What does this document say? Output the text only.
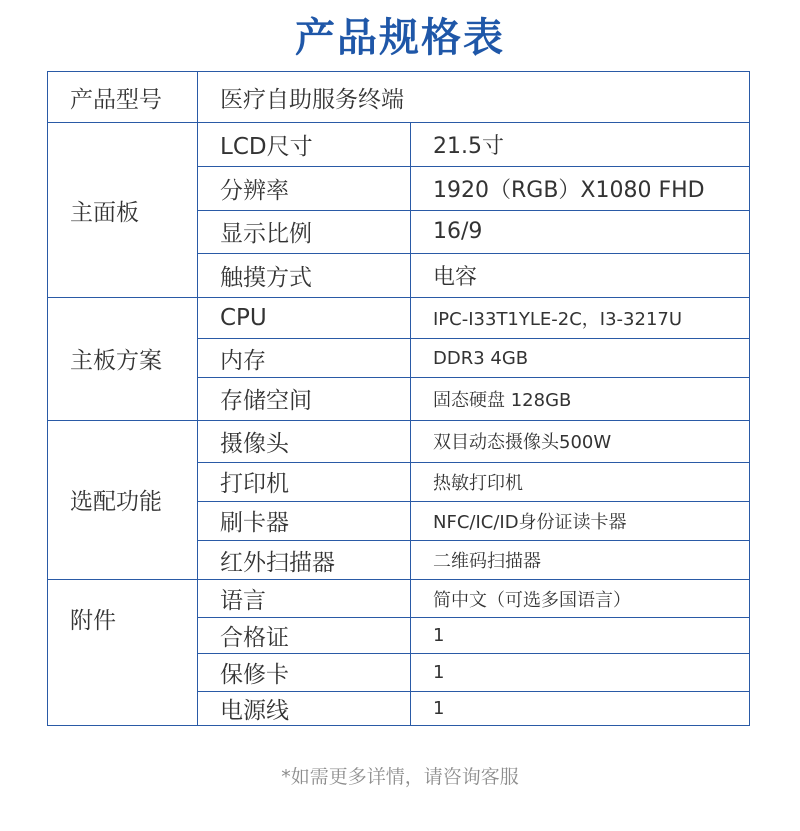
产品规格表
产品型号	医疗自助服务终端	
主面板	LCD尺寸	21.5寸
	分辨率	1920（RGB）X1080 FHD
	显示比例	16/9
	触摸方式	电容
主板方案	CPU	IPC-I33T1YLE-2C，I3-3217U
	内存	DDR3 4GB
	存储空间	固态硬盘 128GB
选配功能	摄像头	双目动态摄像头500W
	打印机	热敏打印机
	刷卡器	NFC/IC/ID身份证读卡器
	红外扫描器	二维码扫描器
附件	语言	简中文（可选多国语言）
	合格证	1
	保修卡	1
	电源线	1
*如需更多详情，请咨询客服
